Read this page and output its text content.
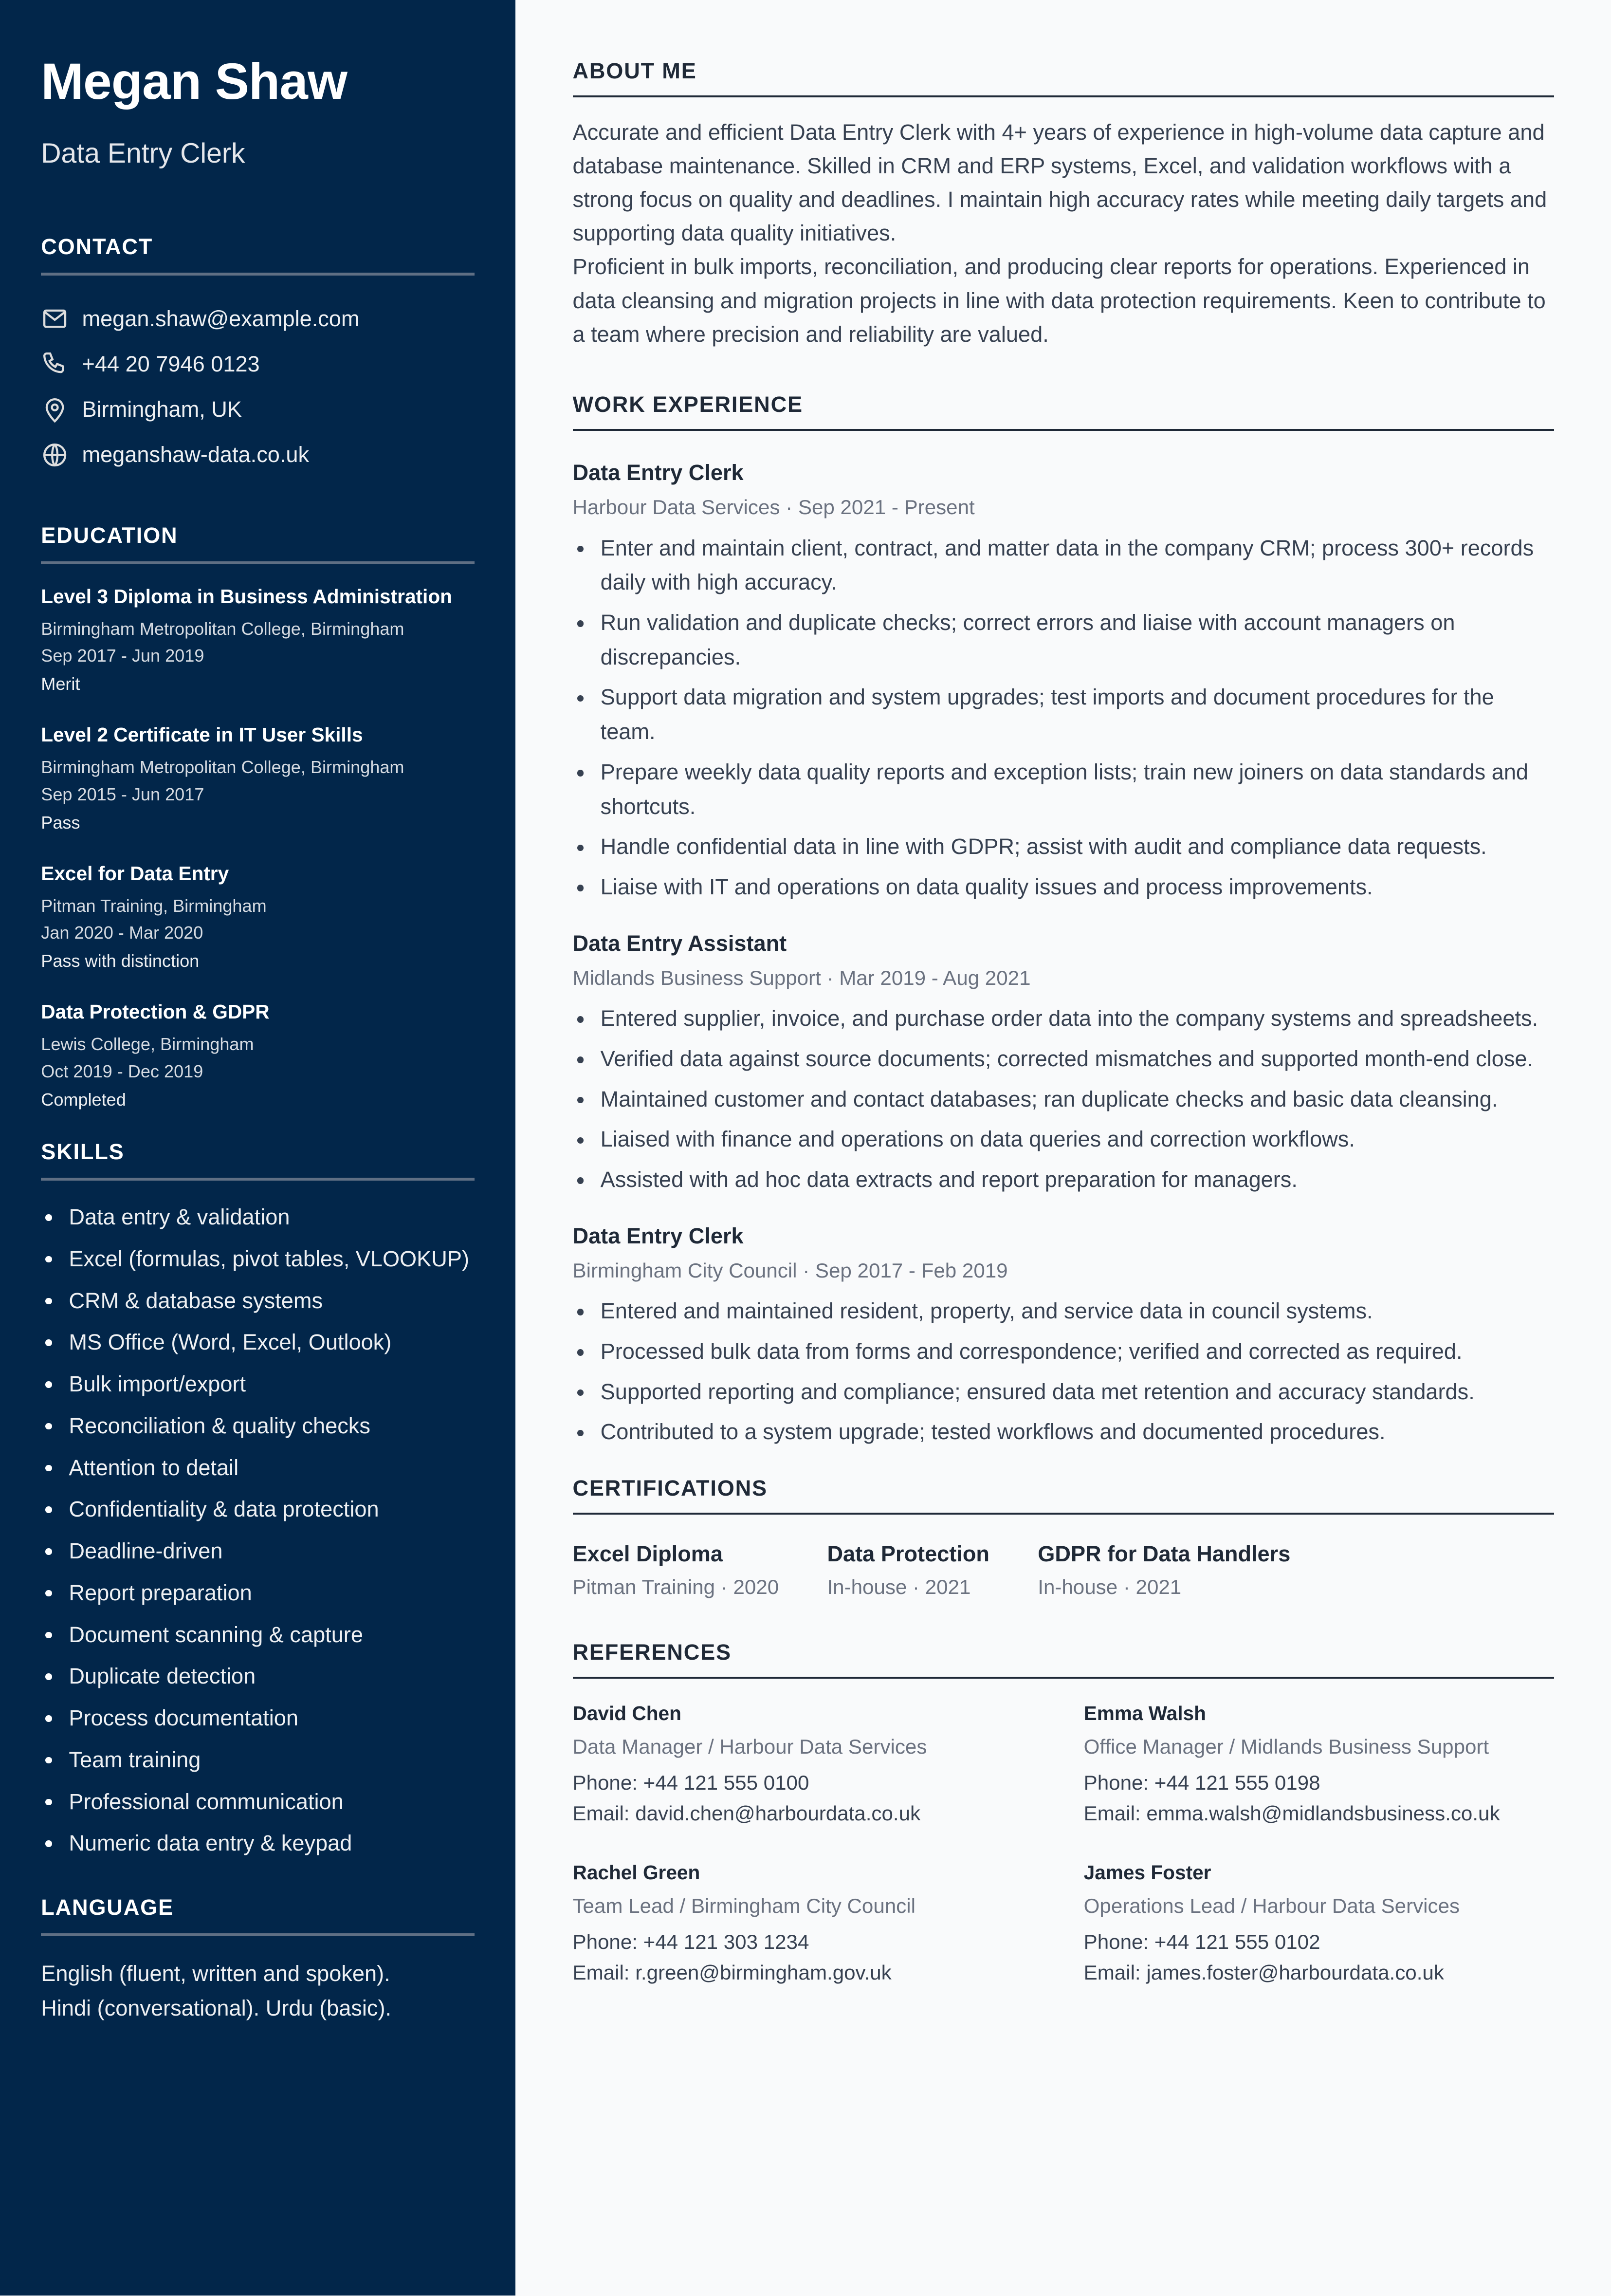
Megan Shaw
Data Entry Clerk
CONTACT
megan.shaw@example.com
+44 20 7946 0123
Birmingham, UK
meganshaw-data.co.uk
EDUCATION
Level 3 Diploma in Business Administration
Birmingham Metropolitan College, Birmingham
Sep 2017 - Jun 2019
Merit
Level 2 Certificate in IT User Skills
Birmingham Metropolitan College, Birmingham
Sep 2015 - Jun 2017
Pass
Excel for Data Entry
Pitman Training, Birmingham
Jan 2020 - Mar 2020
Pass with distinction
Data Protection & GDPR
Lewis College, Birmingham
Oct 2019 - Dec 2019
Completed
SKILLS
Data entry & validation
Excel (formulas, pivot tables, VLOOKUP)
CRM & database systems
MS Office (Word, Excel, Outlook)
Bulk import/export
Reconciliation & quality checks
Attention to detail
Confidentiality & data protection
Deadline-driven
Report preparation
Document scanning & capture
Duplicate detection
Process documentation
Team training
Professional communication
Numeric data entry & keypad
LANGUAGE
English (fluent, written and spoken).
Hindi (conversational). Urdu (basic).
ABOUT ME

Accurate and efficient Data Entry Clerk with 4+ years of experience in high-volume data capture and database maintenance. Skilled in CRM and ERP systems, Excel, and validation workflows with a strong focus on quality and deadlines. I maintain high accuracy rates while meeting daily targets and supporting data quality initiatives.

Proficient in bulk imports, reconciliation, and producing clear reports for operations. Experienced in data cleansing and migration projects in line with data protection requirements. Keen to contribute to a team where precision and reliability are valued.

WORK EXPERIENCE
Data Entry Clerk
Harbour Data Services · Sep 2021 - Present
Enter and maintain client, contract, and matter data in the company CRM; process 300+ records daily with high accuracy.
Run validation and duplicate checks; correct errors and liaise with account managers on discrepancies.
Support data migration and system upgrades; test imports and document procedures for the team.
Prepare weekly data quality reports and exception lists; train new joiners on data standards and shortcuts.
Handle confidential data in line with GDPR; assist with audit and compliance data requests.
Liaise with IT and operations on data quality issues and process improvements.
Data Entry Assistant
Midlands Business Support · Mar 2019 - Aug 2021
Entered supplier, invoice, and purchase order data into the company systems and spreadsheets.
Verified data against source documents; corrected mismatches and supported month-end close.
Maintained customer and contact databases; ran duplicate checks and basic data cleansing.
Liaised with finance and operations on data queries and correction workflows.
Assisted with ad hoc data extracts and report preparation for managers.
Data Entry Clerk
Birmingham City Council · Sep 2017 - Feb 2019
Entered and maintained resident, property, and service data in council systems.
Processed bulk data from forms and correspondence; verified and corrected as required.
Supported reporting and compliance; ensured data met retention and accuracy standards.
Contributed to a system upgrade; tested workflows and documented procedures.
CERTIFICATIONS
Excel Diploma
Pitman Training · 2020
Data Protection
In-house · 2021
GDPR for Data Handlers
In-house · 2021
REFERENCES
David Chen
Data Manager / Harbour Data Services
Phone: +44 121 555 0100
Email: david.chen@harbourdata.co.uk
Emma Walsh
Office Manager / Midlands Business Support
Phone: +44 121 555 0198
Email: emma.walsh@midlandsbusiness.co.uk
Rachel Green
Team Lead / Birmingham City Council
Phone: +44 121 303 1234
Email: r.green@birmingham.gov.uk
James Foster
Operations Lead / Harbour Data Services
Phone: +44 121 555 0102
Email: james.foster@harbourdata.co.uk
